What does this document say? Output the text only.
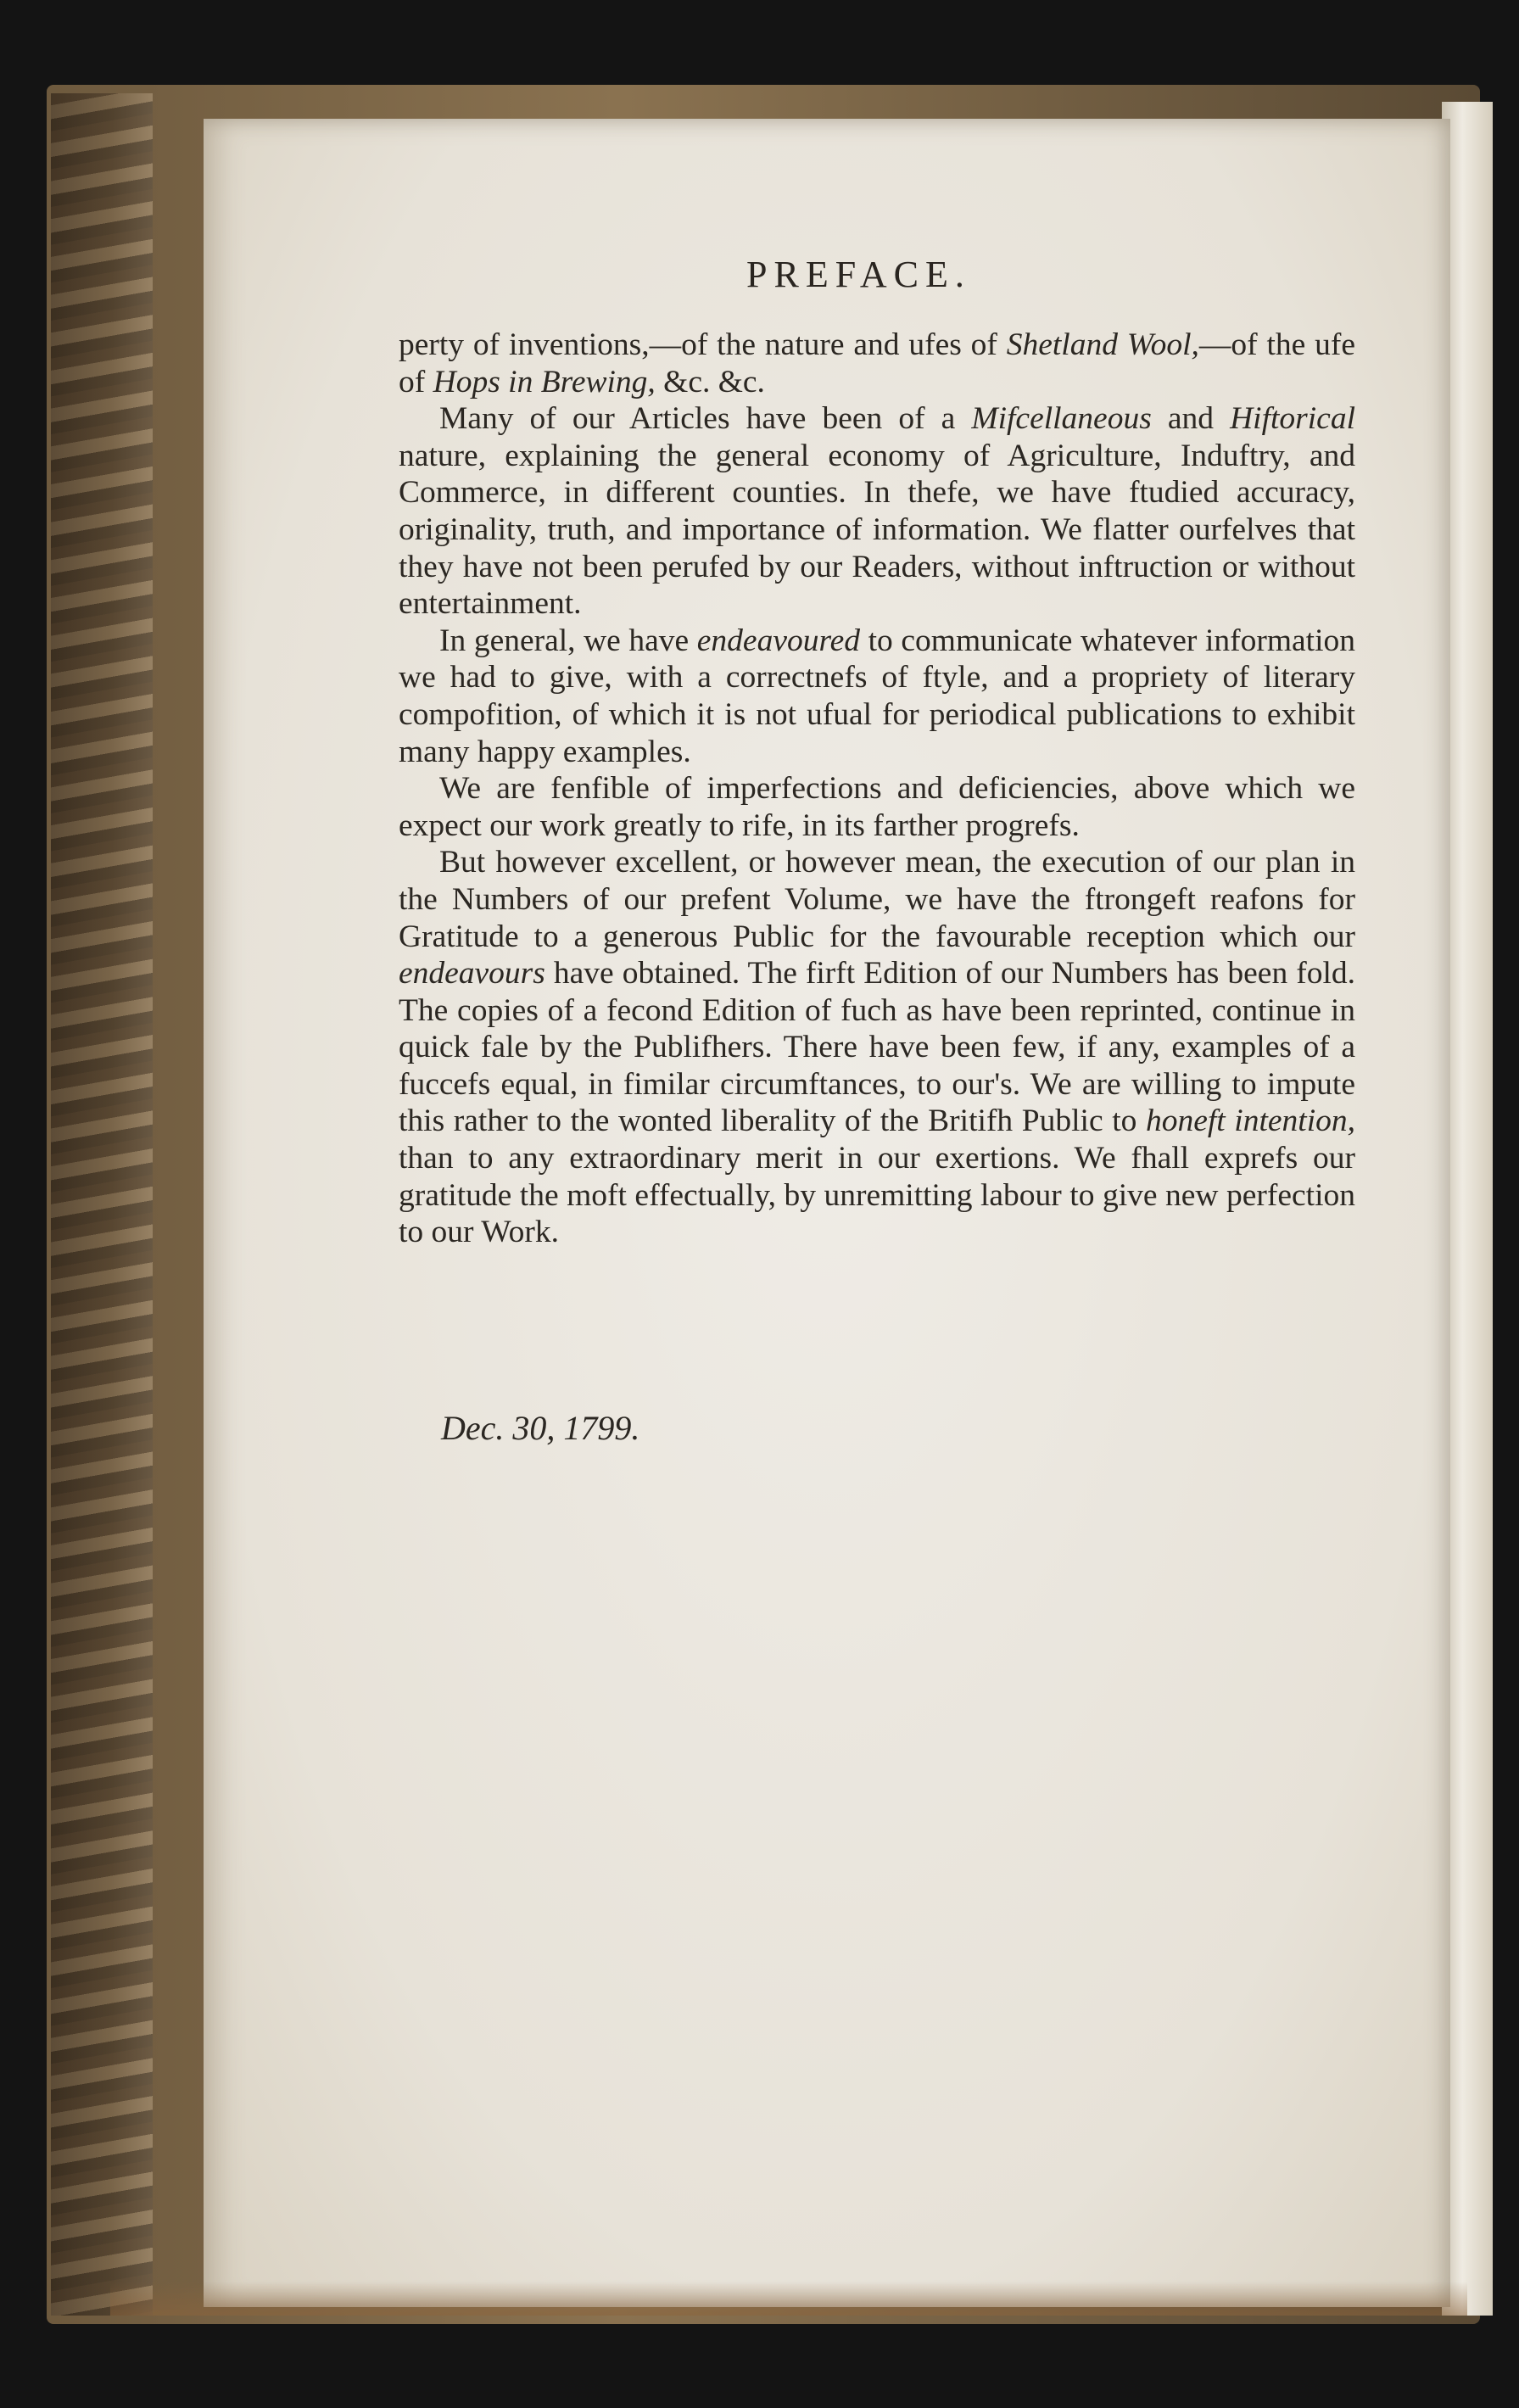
PREFACE.

perty of inventions,—of the nature and ufes of Shetland Wool,—of the ufe of Hops in Brewing, &c. &c.

Many of our Articles have been of a Mifcellaneous and Hiftorical nature, explaining the general economy of Agriculture, Induftry, and Commerce, in different counties. In thefe, we have ftudied accuracy, originality, truth, and importance of information. We flatter ourfelves that they have not been perufed by our Readers, without inftruction or without entertainment.

In general, we have endeavoured to communicate whatever information we had to give, with a correctnefs of ftyle, and a propriety of literary compofition, of which it is not ufual for periodical publications to exhibit many happy examples.

We are fenfible of imperfections and deficiencies, above which we expect our work greatly to rife, in its farther progrefs.

But however excellent, or however mean, the execution of our plan in the Numbers of our prefent Volume, we have the ftrongeft reafons for Gratitude to a generous Public for the favourable reception which our endeavours have obtained. The firft Edition of our Numbers has been fold. The copies of a fecond Edition of fuch as have been reprinted, continue in quick fale by the Publifhers. There have been few, if any, examples of a fuccefs equal, in fimilar circumftances, to our's. We are willing to impute this rather to the wonted liberality of the Britifh Public to honeft intention, than to any extraordinary merit in our exertions. We fhall exprefs our gratitude the moft effectually, by unremitting labour to give new perfection to our Work.

Dec. 30, 1799.
